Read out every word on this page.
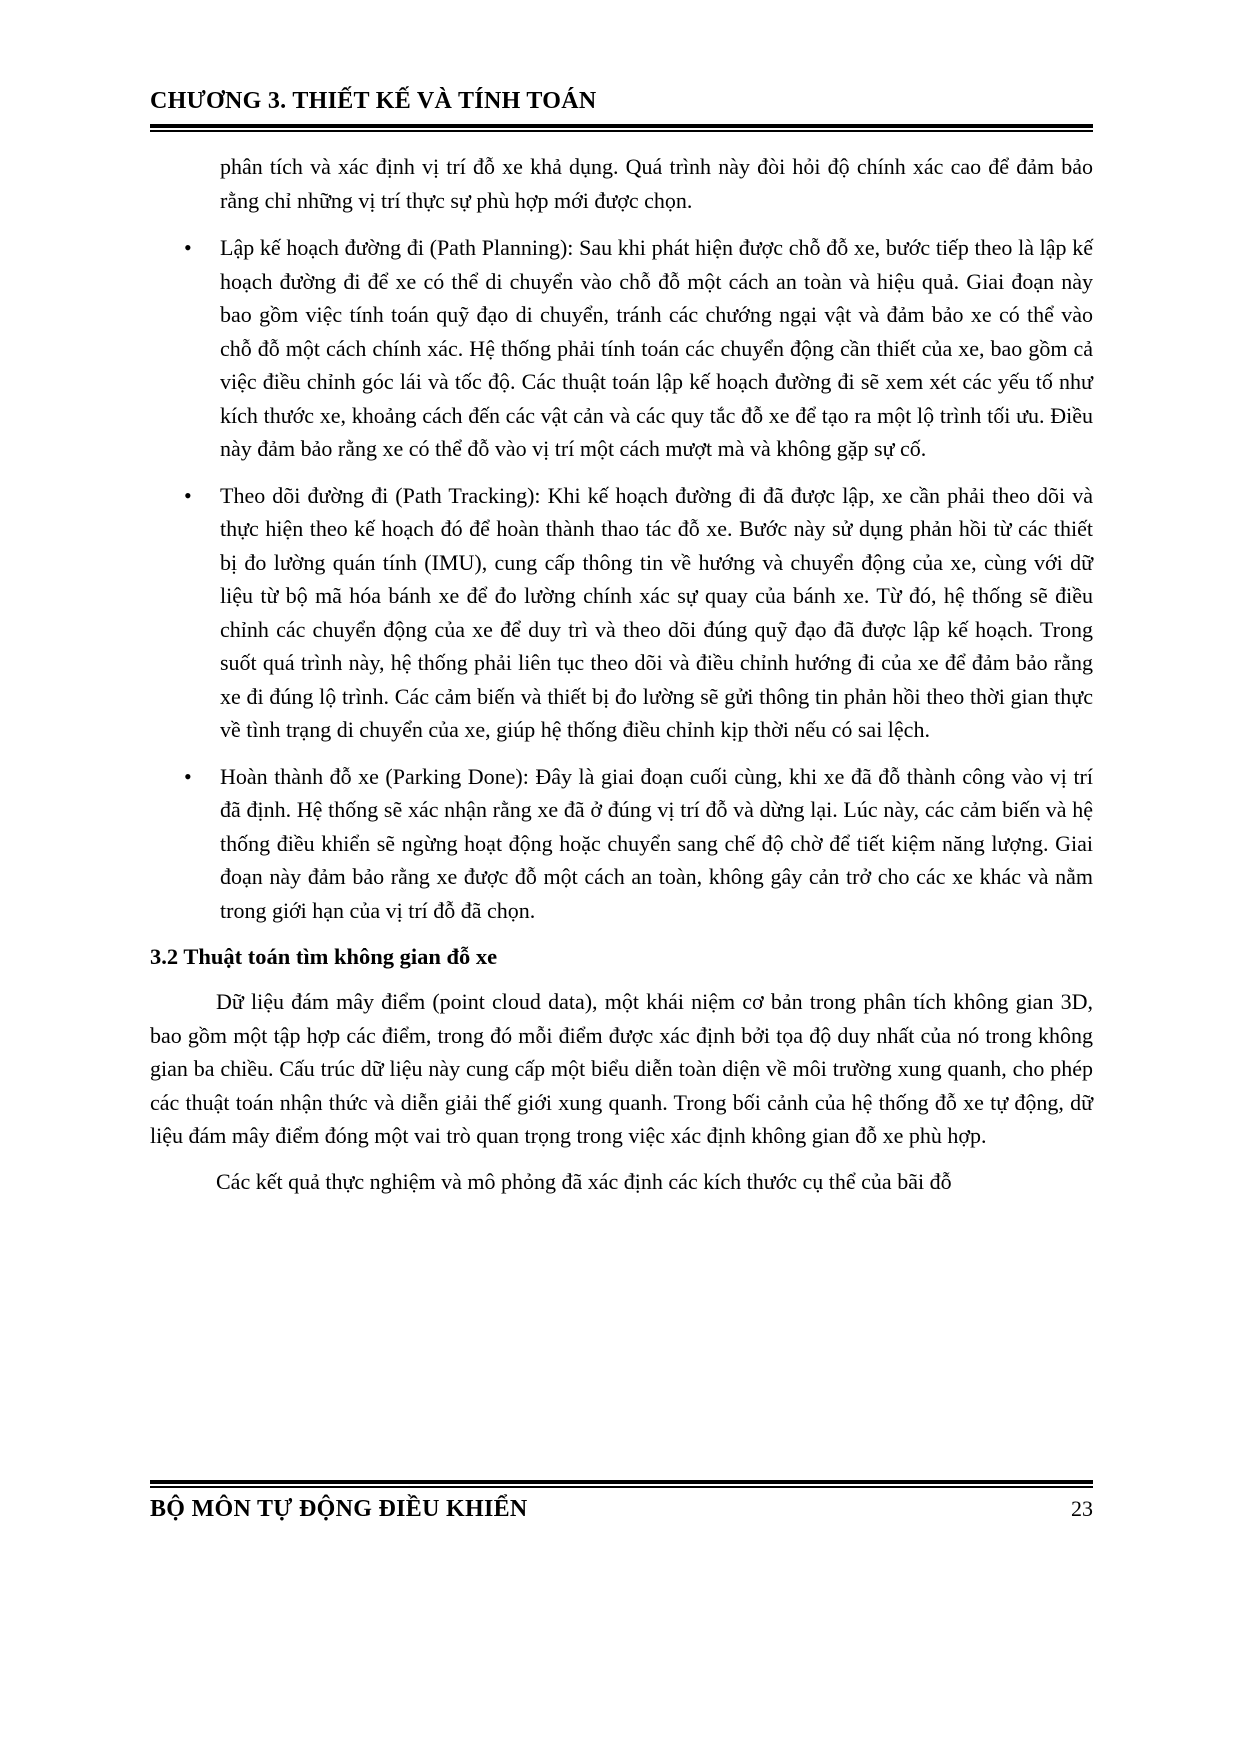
CHƯƠNG 3. THIẾT KẾ VÀ TÍNH TOÁN

phân tích và xác định vị trí đỗ xe khả dụng. Quá trình này đòi hỏi độ chính xác cao để đảm bảo rằng chỉ những vị trí thực sự phù hợp mới được chọn.

• Lập kế hoạch đường đi (Path Planning): Sau khi phát hiện được chỗ đỗ xe, bước tiếp theo là lập kế hoạch đường đi để xe có thể di chuyển vào chỗ đỗ một cách an toàn và hiệu quả. Giai đoạn này bao gồm việc tính toán quỹ đạo di chuyển, tránh các chướng ngại vật và đảm bảo xe có thể vào chỗ đỗ một cách chính xác. Hệ thống phải tính toán các chuyển động cần thiết của xe, bao gồm cả việc điều chỉnh góc lái và tốc độ. Các thuật toán lập kế hoạch đường đi sẽ xem xét các yếu tố như kích thước xe, khoảng cách đến các vật cản và các quy tắc đỗ xe để tạo ra một lộ trình tối ưu. Điều này đảm bảo rằng xe có thể đỗ vào vị trí một cách mượt mà và không gặp sự cố.
• Theo dõi đường đi (Path Tracking): Khi kế hoạch đường đi đã được lập, xe cần phải theo dõi và thực hiện theo kế hoạch đó để hoàn thành thao tác đỗ xe. Bước này sử dụng phản hồi từ các thiết bị đo lường quán tính (IMU), cung cấp thông tin về hướng và chuyển động của xe, cùng với dữ liệu từ bộ mã hóa bánh xe để đo lường chính xác sự quay của bánh xe. Từ đó, hệ thống sẽ điều chỉnh các chuyển động của xe để duy trì và theo dõi đúng quỹ đạo đã được lập kế hoạch. Trong suốt quá trình này, hệ thống phải liên tục theo dõi và điều chỉnh hướng đi của xe để đảm bảo rằng xe đi đúng lộ trình. Các cảm biến và thiết bị đo lường sẽ gửi thông tin phản hồi theo thời gian thực về tình trạng di chuyển của xe, giúp hệ thống điều chỉnh kịp thời nếu có sai lệch.
• Hoàn thành đỗ xe (Parking Done): Đây là giai đoạn cuối cùng, khi xe đã đỗ thành công vào vị trí đã định. Hệ thống sẽ xác nhận rằng xe đã ở đúng vị trí đỗ và dừng lại. Lúc này, các cảm biến và hệ thống điều khiển sẽ ngừng hoạt động hoặc chuyển sang chế độ chờ để tiết kiệm năng lượng. Giai đoạn này đảm bảo rằng xe được đỗ một cách an toàn, không gây cản trở cho các xe khác và nằm trong giới hạn của vị trí đỗ đã chọn.
3.2 Thuật toán tìm không gian đỗ xe

Dữ liệu đám mây điểm (point cloud data), một khái niệm cơ bản trong phân tích không gian 3D, bao gồm một tập hợp các điểm, trong đó mỗi điểm được xác định bởi tọa độ duy nhất của nó trong không gian ba chiều. Cấu trúc dữ liệu này cung cấp một biểu diễn toàn diện về môi trường xung quanh, cho phép các thuật toán nhận thức và diễn giải thế giới xung quanh. Trong bối cảnh của hệ thống đỗ xe tự động, dữ liệu đám mây điểm đóng một vai trò quan trọng trong việc xác định không gian đỗ xe phù hợp.

Các kết quả thực nghiệm và mô phỏng đã xác định các kích thước cụ thể của bãi đỗ

BỘ MÔN TỰ ĐỘNG ĐIỀU KHIỂN	23
